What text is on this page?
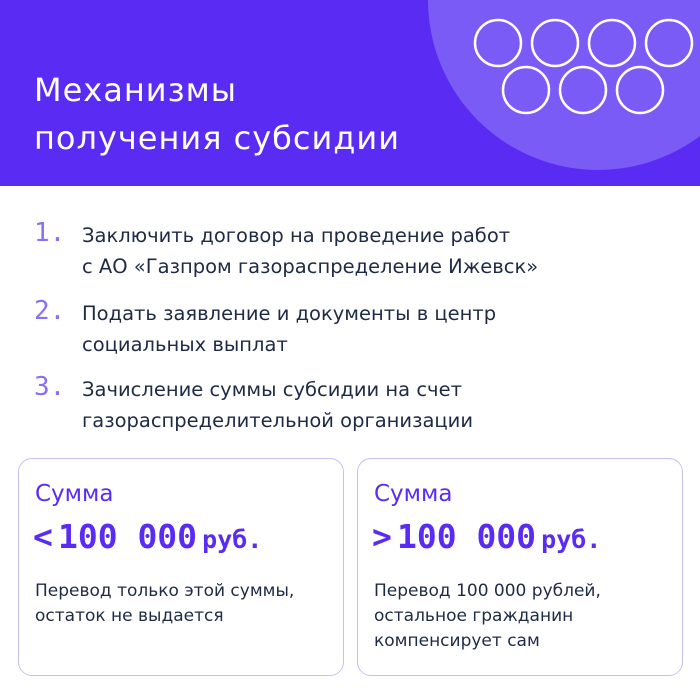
Механизмы
получения субсидии
1. Заключить договор на проведение работ
с АО «Газпром газораспределение Ижевск»
2. Подать заявление и документы в центр
социальных выплат
3. Зачисление суммы субсидии на счет
газораспределительной организации
Сумма
< 100 000 руб.
Перевод только этой суммы,
остаток не выдается
Сумма
> 100 000 руб.
Перевод 100 000 рублей,
остальное гражданин
компенсирует сам
